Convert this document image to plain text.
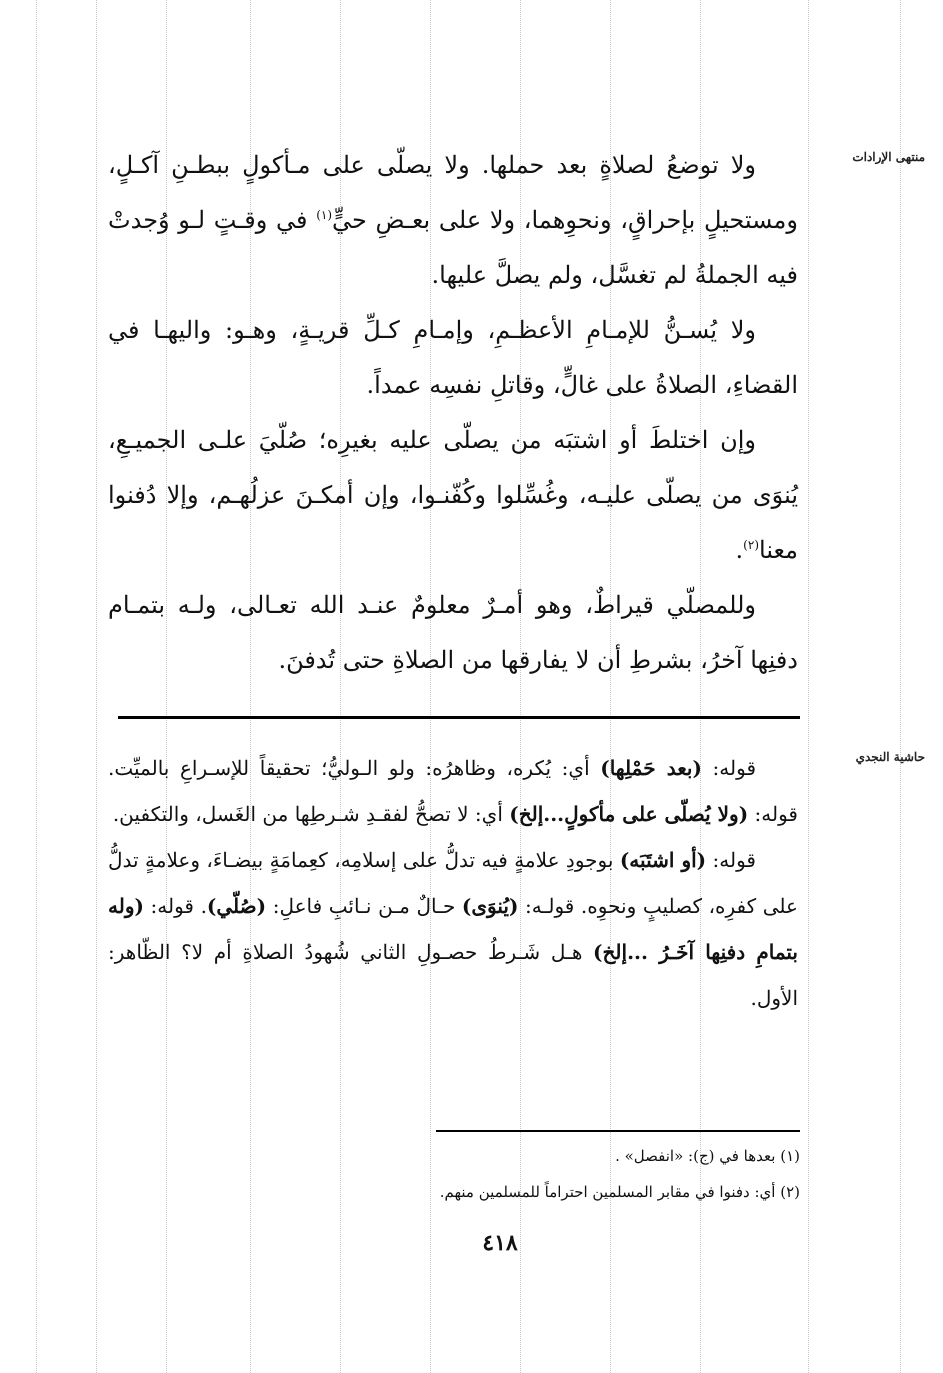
منتهى الإرادات
حاشية النجدي

ولا توضعُ لصلاةٍ بعد حملها. ولا يصلّى على مـأكولٍ ببطـنِ آكـلٍ، ومستحيلٍ بإحراقٍ، ونحوِهما، ولا على بعـضِ حيٍّ$^{(١)}$ في وقـتٍ لـو وُجدتْ فيه الجملةُ لم تغسَّل، ولم يصلَّ عليها.

ولا يُسـنُّ للإمـامِ الأعظـمِ، وإمـامِ كـلِّ قريـةٍ، وهـو: واليهـا في القضاءِ، الصلاةُ على غالٍّ، وقاتلِ نفسِه عمداً.

وإن اختلطَ أو اشتبَه من يصلّى عليه بغيرِه؛ صُلّيَ علـى الجميـعِ، يُنوَى من يصلّى عليـه، وغُسِّلوا وكُفّنـوا، وإن أمكـنَ عزلُهـم، وإلا دُفنوا معنا$^{(٢)}$.

وللمصلّي قيراطٌ، وهو أمـرٌ معلومٌ عنـد الله تعـالى، ولـه بتمـام دفنِها آخرُ، بشرطِ أن لا يفارقها من الصلاةِ حتى تُدفنَ.

قوله: (بعد حَمْلِها) أي: يُكره، وظاهرُه: ولو الـوليُّ؛ تحقيقاً للإسـراعِ بالميِّت. قوله: (ولا يُصلّى على مأكولٍ...إلخ) أي: لا تصحُّ لفقـدِ شـرطِها من الغَسل، والتكفين.

قوله: (أو اشتَبَه) بوجودِ علامةٍ فيه تدلُّ على إسلامِه، كعِمامَةٍ بيضـاءَ، وعلامةٍ تدلُّ على كفرِه، كصليبٍ ونحوِه. قولـه: (يُنوَى) حـالٌ مـن نـائبِ فاعلِ: (صُلّي). قوله: (وله بتمامِ دفنِها آخَـرُ ...إلخ) هـل شَـرطُ حصـولِ الثاني شُهودُ الصلاةِ أم لا؟ الظّاهر: الأول.

(١) بعدها في (ج): «انفصل» .
(٢) أي: دفنوا في مقابر المسلمين احتراماً للمسلمين منهم.
٤١٨
